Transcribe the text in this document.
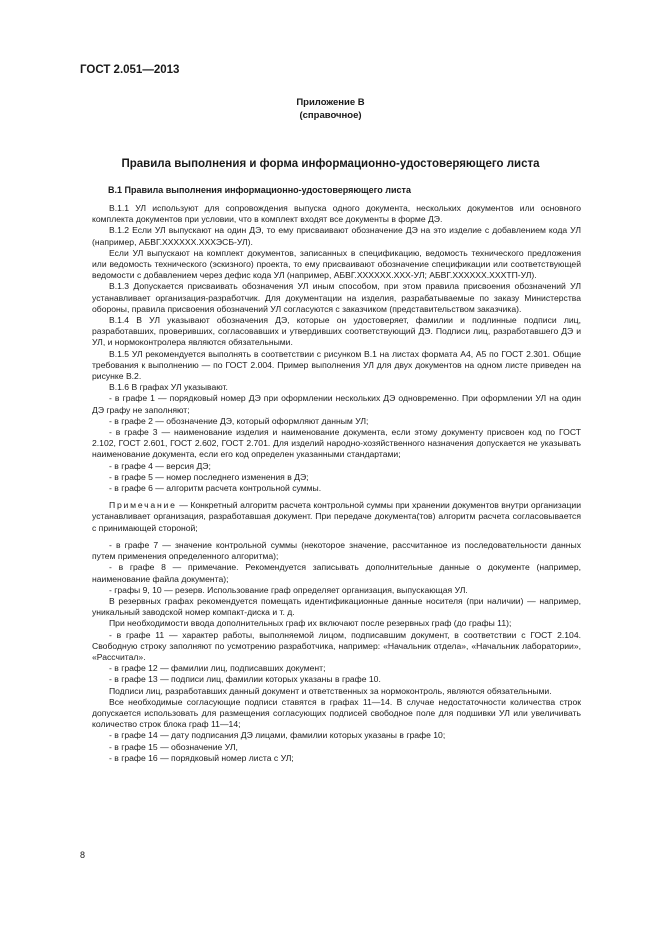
ГОСТ 2.051—2013
Приложение В
(справочное)
Правила выполнения и форма информационно-удостоверяющего листа
В.1 Правила выполнения информационно-удостоверяющего листа

В.1.1 УЛ используют для сопровождения выпуска одного документа, нескольких документов или основного комплекта документов при условии, что в комплект входят все документы в форме ДЭ.

В.1.2 Если УЛ выпускают на один ДЭ, то ему присваивают обозначение ДЭ на это изделие с добавлением кода УЛ (например, АБВГ.XXXXXX.XXXЭСБ-УЛ).

Если УЛ выпускают на комплект документов, записанных в спецификацию, ведомость технического предложения или ведомость технического (эскизного) проекта, то ему присваивают обозначение спецификации или соответствующей ведомости с добавлением через дефис кода УЛ (например, АБВГ.XXXXXX.XXX-УЛ; АБВГ.XXXXXX.XXXТП-УЛ).

В.1.3 Допускается присваивать обозначения УЛ иным способом, при этом правила присвоения обозначений УЛ устанавливает организация-разработчик. Для документации на изделия, разрабатываемые по заказу Министерства обороны, правила присвоения обозначений УЛ согласуются с заказчиком (представительством заказчика).

В.1.4 В УЛ указывают обозначения ДЭ, которые он удостоверяет, фамилии и подлинные подписи лиц, разработавших, проверивших, согласовавших и утвердивших соответствующий ДЭ. Подписи лиц, разработавшего ДЭ и УЛ, и нормоконтролера являются обязательными.

В.1.5 УЛ рекомендуется выполнять в соответствии с рисунком В.1 на листах формата А4, А5 по ГОСТ 2.301. Общие требования к выполнению — по ГОСТ 2.004. Пример выполнения УЛ для двух документов на одном листе приведен на рисунке В.2.

В.1.6 В графах УЛ указывают.

- в графе 1 — порядковый номер ДЭ при оформлении нескольких ДЭ одновременно. При оформлении УЛ на один ДЭ графу не заполняют;

- в графе 2 — обозначение ДЭ, который оформляют данным УЛ;

- в графе 3 — наименование изделия и наименование документа, если этому документу присвоен код по ГОСТ 2.102, ГОСТ 2.601, ГОСТ 2.602, ГОСТ 2.701. Для изделий народно-хозяйственного назначения допускается не указывать наименование документа, если его код определен указанными стандартами;

- в графе 4 — версия ДЭ;

- в графе 5 — номер последнего изменения в ДЭ;

- в графе 6 — алгоритм расчета контрольной суммы.

Примечание — Конкретный алгоритм расчета контрольной суммы при хранении документов внутри организации устанавливает организация, разработавшая документ. При передаче документа(тов) алгоритм расчета согласовывается с принимающей стороной;

- в графе 7 — значение контрольной суммы (некоторое значение, рассчитанное из последовательности данных путем применения определенного алгоритма);

- в графе 8 — примечание. Рекомендуется записывать дополнительные данные о документе (например, наименование файла документа);

- графы 9, 10 — резерв. Использование граф определяет организация, выпускающая УЛ.

В резервных графах рекомендуется помещать идентификационные данные носителя (при наличии) — например, уникальный заводской номер компакт-диска и т. д.

При необходимости ввода дополнительных граф их включают после резервных граф (до графы 11);

- в графе 11 — характер работы, выполняемой лицом, подписавшим документ, в соответствии с ГОСТ 2.104. Свободную строку заполняют по усмотрению разработчика, например: «Начальник отдела», «Начальник лаборатории», «Рассчитал».

- в графе 12 — фамилии лиц, подписавших документ;

- в графе 13 — подписи лиц, фамилии которых указаны в графе 10.

Подписи лиц, разработавших данный документ и ответственных за нормоконтроль, являются обязательными.

Все необходимые согласующие подписи ставятся в графах 11—14. В случае недостаточности количества строк допускается использовать для размещения согласующих подписей свободное поле для подшивки УЛ или увеличивать количество строк блока граф 11—14;

- в графе 14 — дату подписания ДЭ лицами, фамилии которых указаны в графе 10;

- в графе 15 — обозначение УЛ,

- в графе 16 — порядковый номер листа с УЛ;

8
